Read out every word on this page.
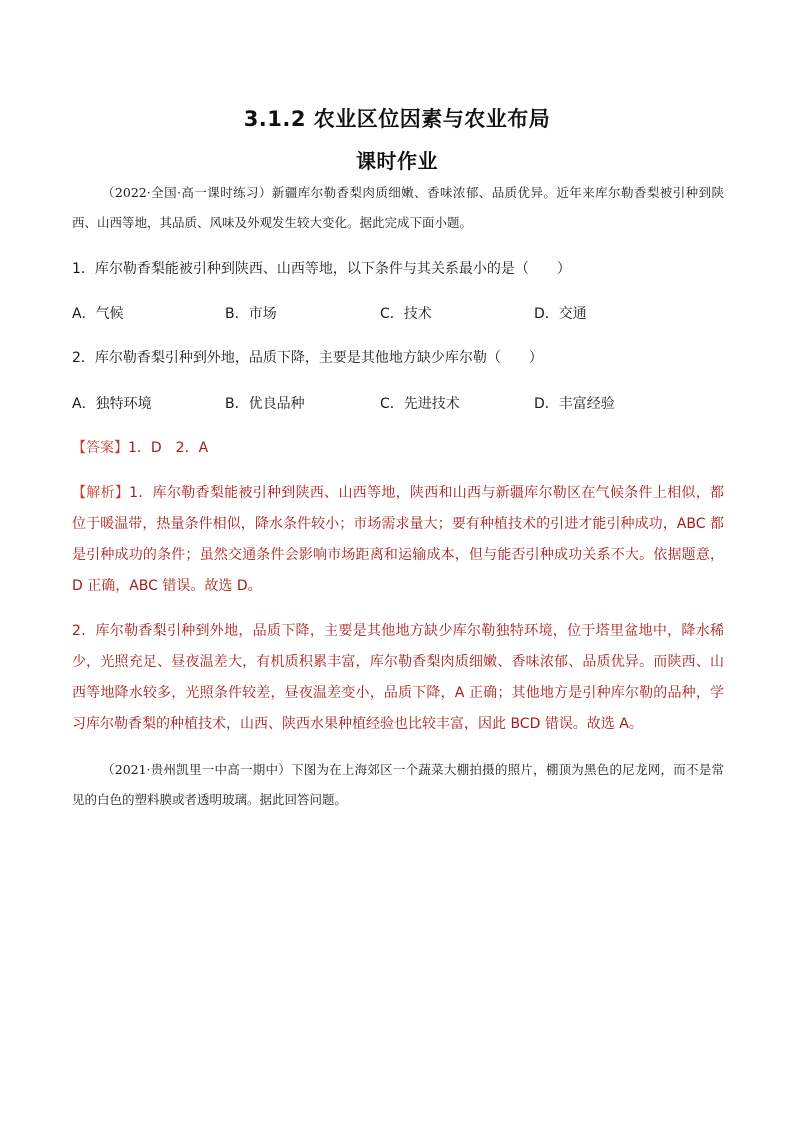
3.1.2 农业区位因素与农业布局
课时作业
（2022·全国·高一课时练习）新疆库尔勒香梨肉质细嫩、香味浓郁、品质优异。近年来库尔勒香梨被引种到陕西、山西等地，其品质、风味及外观发生较大变化。据此完成下面小题。
1．库尔勒香梨能被引种到陕西、山西等地，以下条件与其关系最小的是（　　）
A．气候	B．市场	C．技术	D．交通
2．库尔勒香梨引种到外地，品质下降，主要是其他地方缺少库尔勒（　　）
A．独特环境	B．优良品种	C．先进技术	D．丰富经验
【答案】1．D　2．A
【解析】1．库尔勒香梨能被引种到陕西、山西等地，陕西和山西与新疆库尔勒区在气候条件上相似，都位于暖温带，热量条件相似，降水条件较小；市场需求量大；要有种植技术的引进才能引种成功，ABC 都是引种成功的条件；虽然交通条件会影响市场距离和运输成本，但与能否引种成功关系不大。依据题意，D 正确，ABC 错误。故选 D。
2．库尔勒香梨引种到外地，品质下降，主要是其他地方缺少库尔勒独特环境，位于塔里盆地中，降水稀少，光照充足、昼夜温差大，有机质积累丰富，库尔勒香梨肉质细嫩、香味浓郁、品质优异。而陕西、山西等地降水较多，光照条件较差，昼夜温差变小，品质下降，A 正确；其他地方是引种库尔勒的品种，学习库尔勒香梨的种植技术，山西、陕西水果种植经验也比较丰富，因此 BCD 错误。故选 A。
（2021·贵州凯里一中高一期中）下图为在上海郊区一个蔬菜大棚拍摄的照片，棚顶为黑色的尼龙网，而不是常见的白色的塑料膜或者透明玻璃。据此回答问题。
